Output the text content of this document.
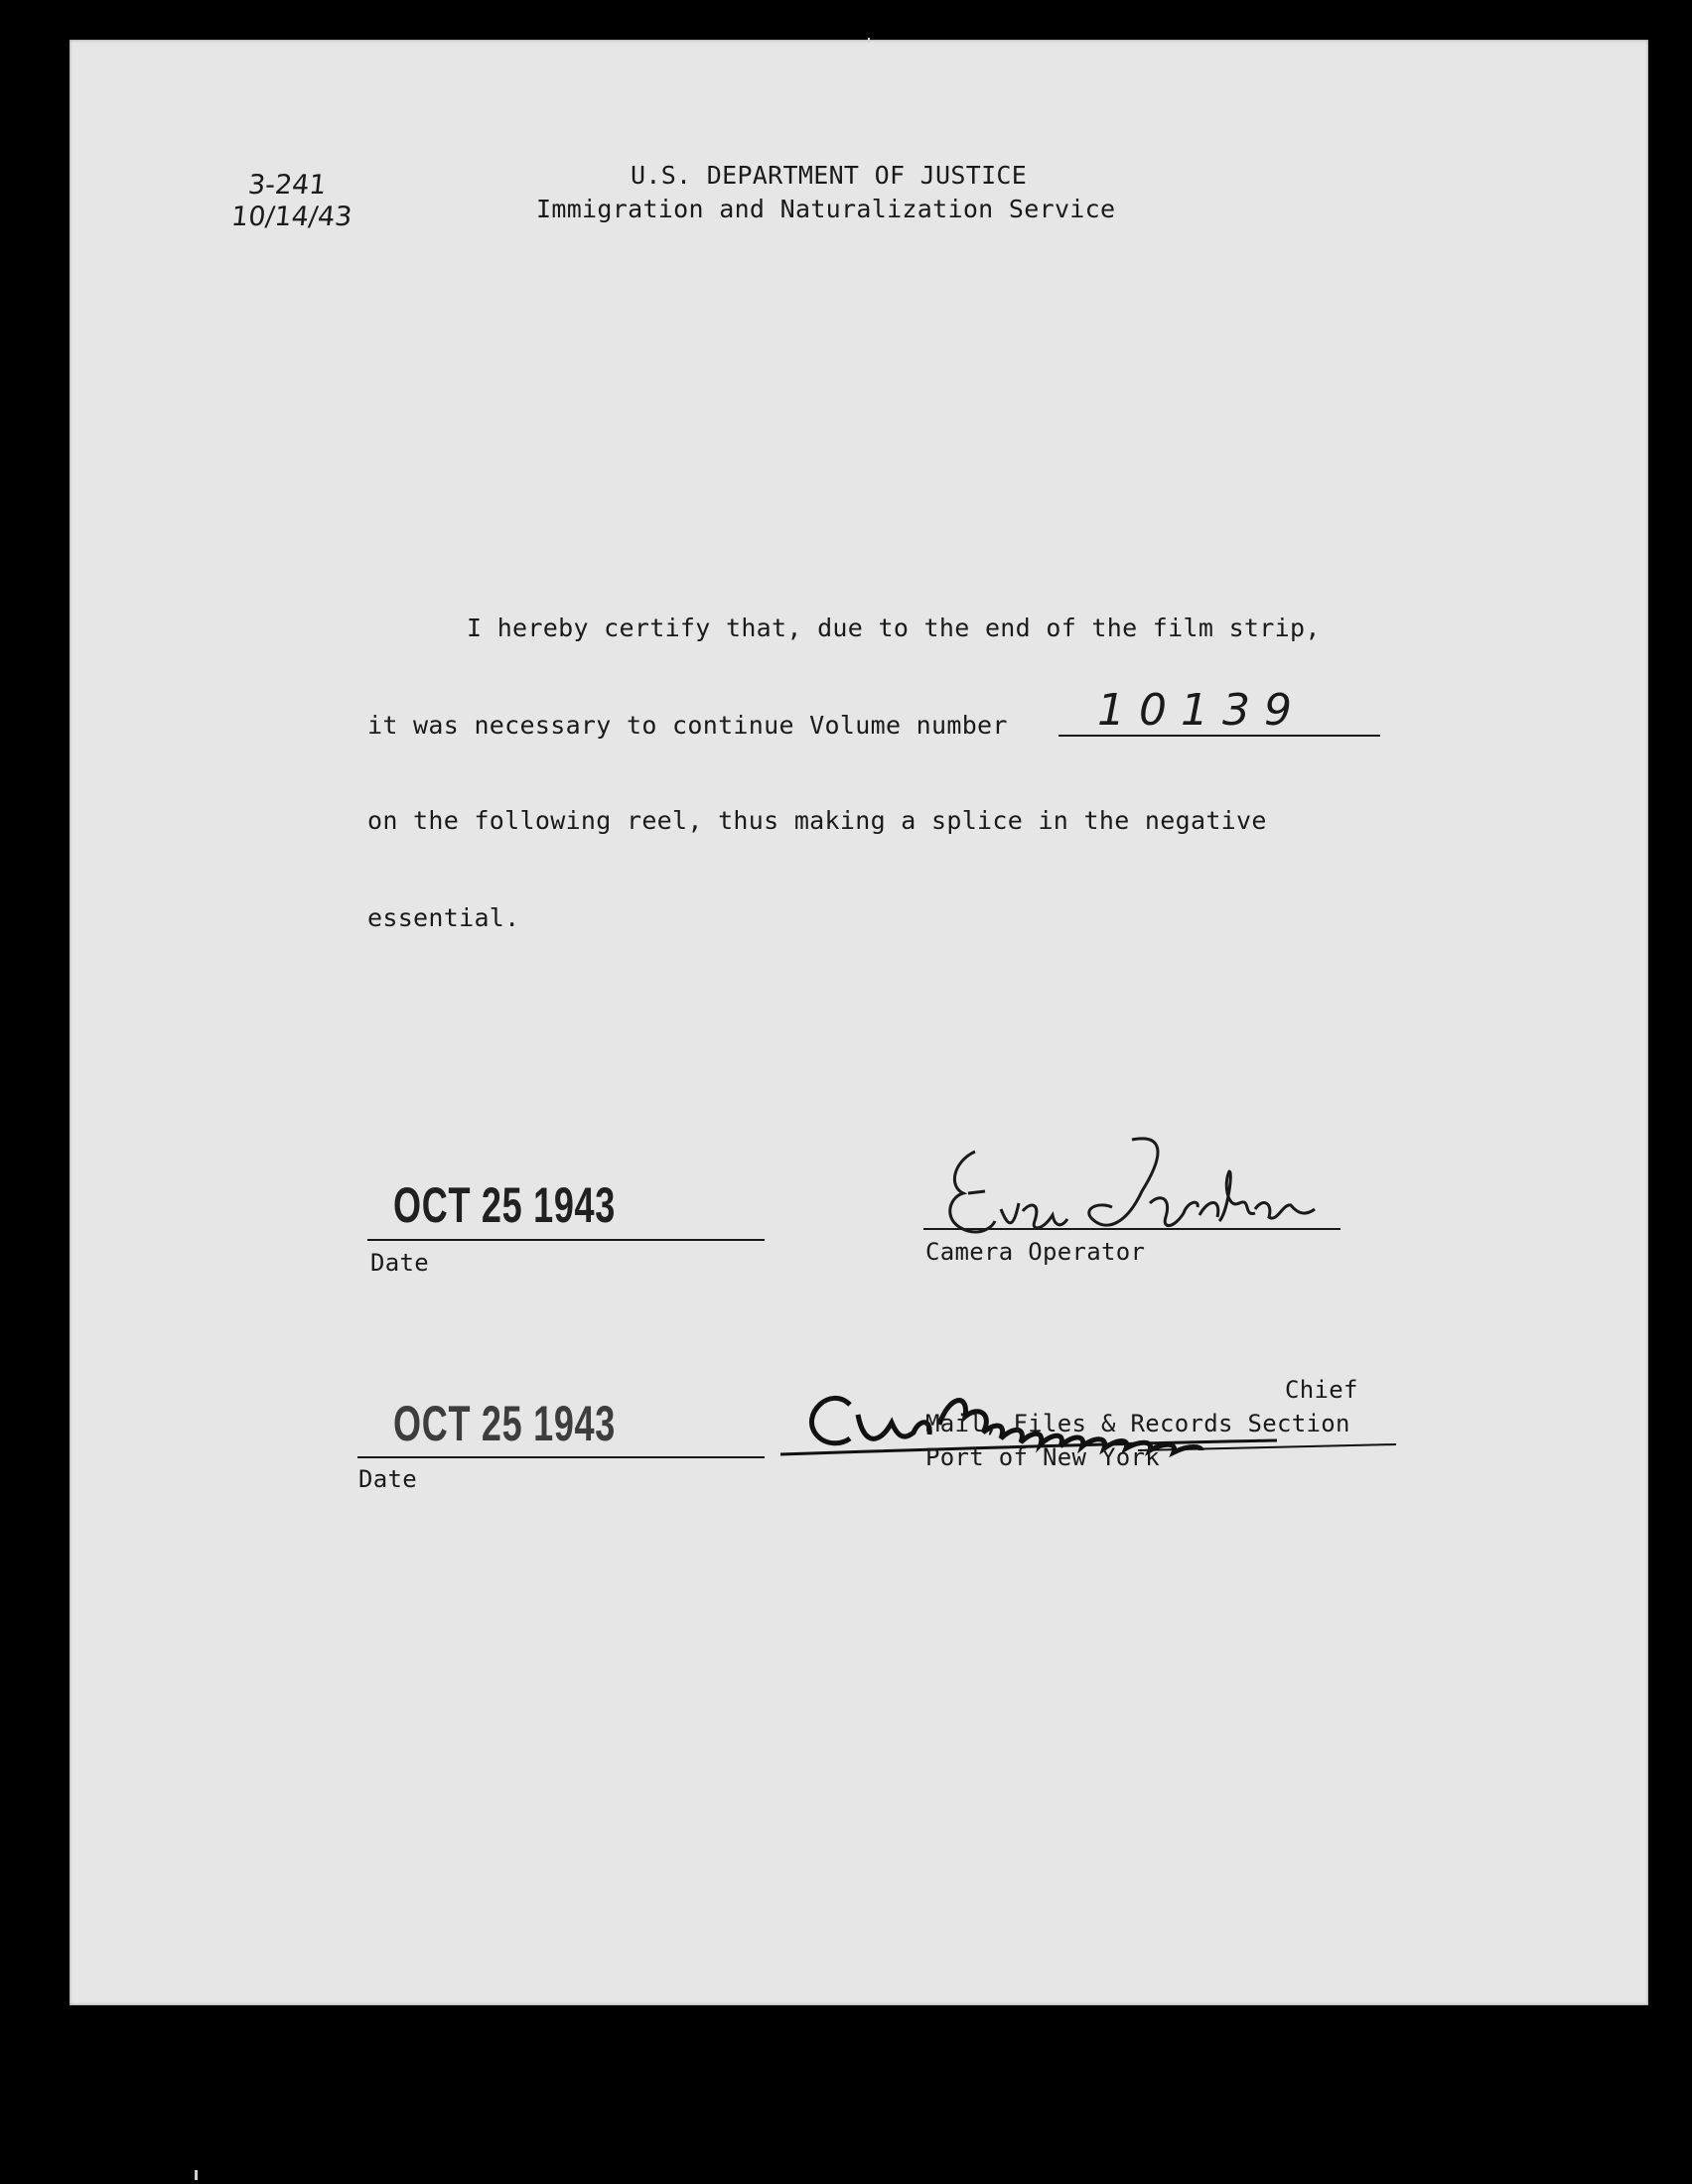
3-241
10/14/43
U.S. DEPARTMENT OF JUSTICE
Immigration and Naturalization Service
I hereby certify that, due to the end of the film strip,
it was necessary to continue Volume number 10139
on the following reel, thus making a splice in the negative
essential.
OCT 25 1943
Date	Camera Operator
OCT 25 1943
Date
Chief
Mail, Files & Records Section
Port of New York
